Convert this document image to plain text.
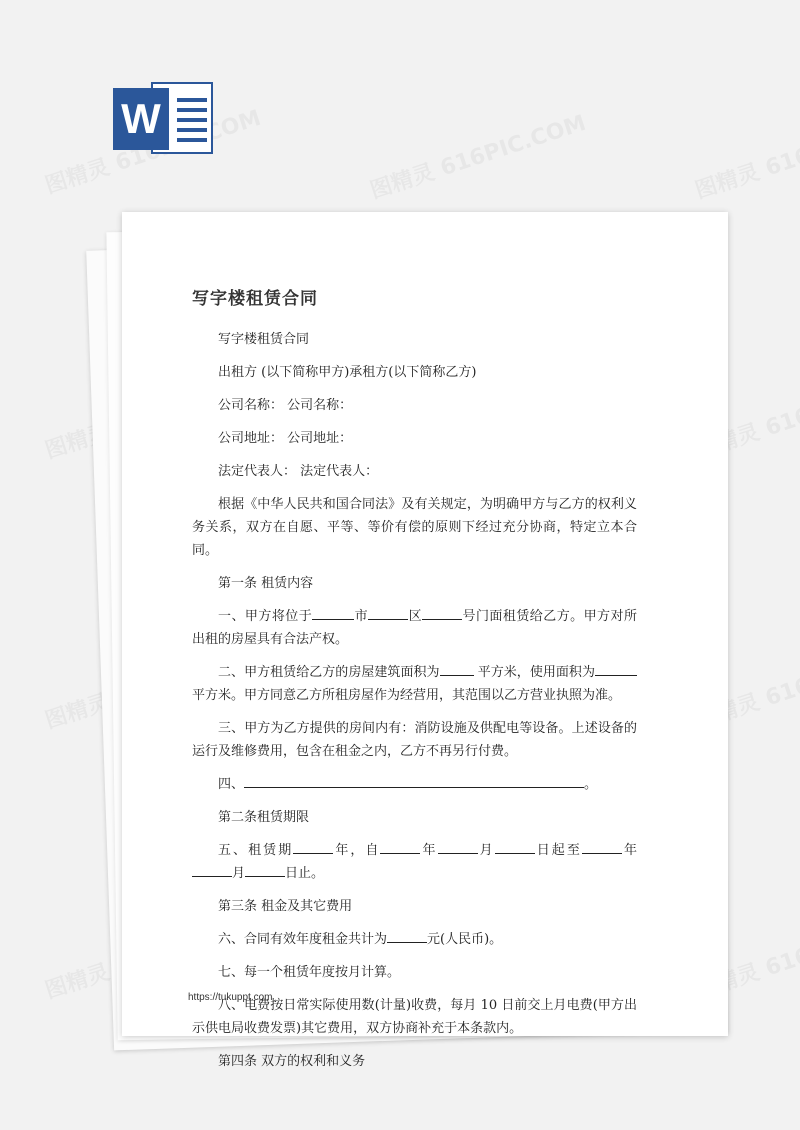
W
写字楼租赁合同

写字楼租赁合同

出租方 (以下简称甲方)承租方(以下简称乙方)

公司名称： 公司名称：

公司地址： 公司地址：

法定代表人： 法定代表人：

根据《中华人民共和国合同法》及有关规定，为明确甲方与乙方的权利义务关系，双方在自愿、平等、等价有偿的原则下经过充分协商，特定立本合同。

第一条 租赁内容

一、甲方将位于	市	区	号门面租赁给乙方。甲方对所出租的房屋具有合法产权。

二、甲方租赁给乙方的房屋建筑面积为	平方米，使用面积为平方米。甲方同意乙方所租房屋作为经营用，其范围以乙方营业执照为准。

三、甲方为乙方提供的房间内有：消防设施及供配电等设备。上述设备的运行及维修费用，包含在租金之内，乙方不再另行付费。

四、	。

第二条租赁期限

五、租赁期	年，自	年	月	日起至	年月	日止。

第三条 租金及其它费用

六、合同有效年度租金共计为	元(人民币)。

七、每一个租赁年度按月计算。

八、电费按日常实际使用数(计量)收费，每月 10 日前交上月电费(甲方出示供电局收费发票)其它费用，双方协商补充于本条款内。

第四条 双方的权利和义务

https://tukuppt.com
